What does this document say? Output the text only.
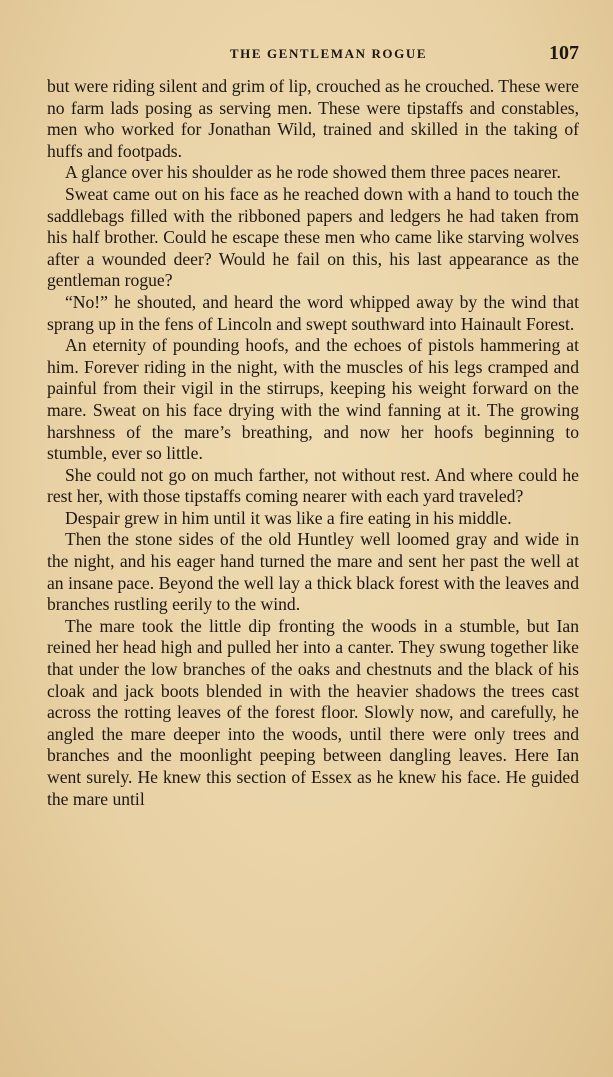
THE GENTLEMAN ROGUE	107

but were riding silent and grim of lip, crouched as he crouched. These were no farm lads posing as serving men. These were tipstaffs and constables, men who worked for Jonathan Wild, trained and skilled in the taking of huffs and footpads.

A glance over his shoulder as he rode showed them three paces nearer.

Sweat came out on his face as he reached down with a hand to touch the saddlebags filled with the ribboned papers and ledgers he had taken from his half brother. Could he escape these men who came like starving wolves after a wounded deer? Would he fail on this, his last appearance as the gentleman rogue?

“No!” he shouted, and heard the word whipped away by the wind that sprang up in the fens of Lincoln and swept southward into Hainault Forest.

An eternity of pounding hoofs, and the echoes of pistols hammering at him. Forever riding in the night, with the muscles of his legs cramped and painful from their vigil in the stirrups, keeping his weight forward on the mare. Sweat on his face drying with the wind fanning at it. The growing harshness of the mare’s breathing, and now her hoofs beginning to stumble, ever so little.

She could not go on much farther, not without rest. And where could he rest her, with those tipstaffs coming nearer with each yard traveled?

Despair grew in him until it was like a fire eating in his middle.

Then the stone sides of the old Huntley well loomed gray and wide in the night, and his eager hand turned the mare and sent her past the well at an insane pace. Beyond the well lay a thick black forest with the leaves and branches rustling eerily to the wind.

The mare took the little dip fronting the woods in a stumble, but Ian reined her head high and pulled her into a canter. They swung together like that under the low branches of the oaks and chestnuts and the black of his cloak and jack boots blended in with the heavier shadows the trees cast across the rotting leaves of the forest floor. Slowly now, and carefully, he angled the mare deeper into the woods, until there were only trees and branches and the moonlight peeping between dangling leaves. Here Ian went surely. He knew this section of Essex as he knew his face. He guided the mare until
